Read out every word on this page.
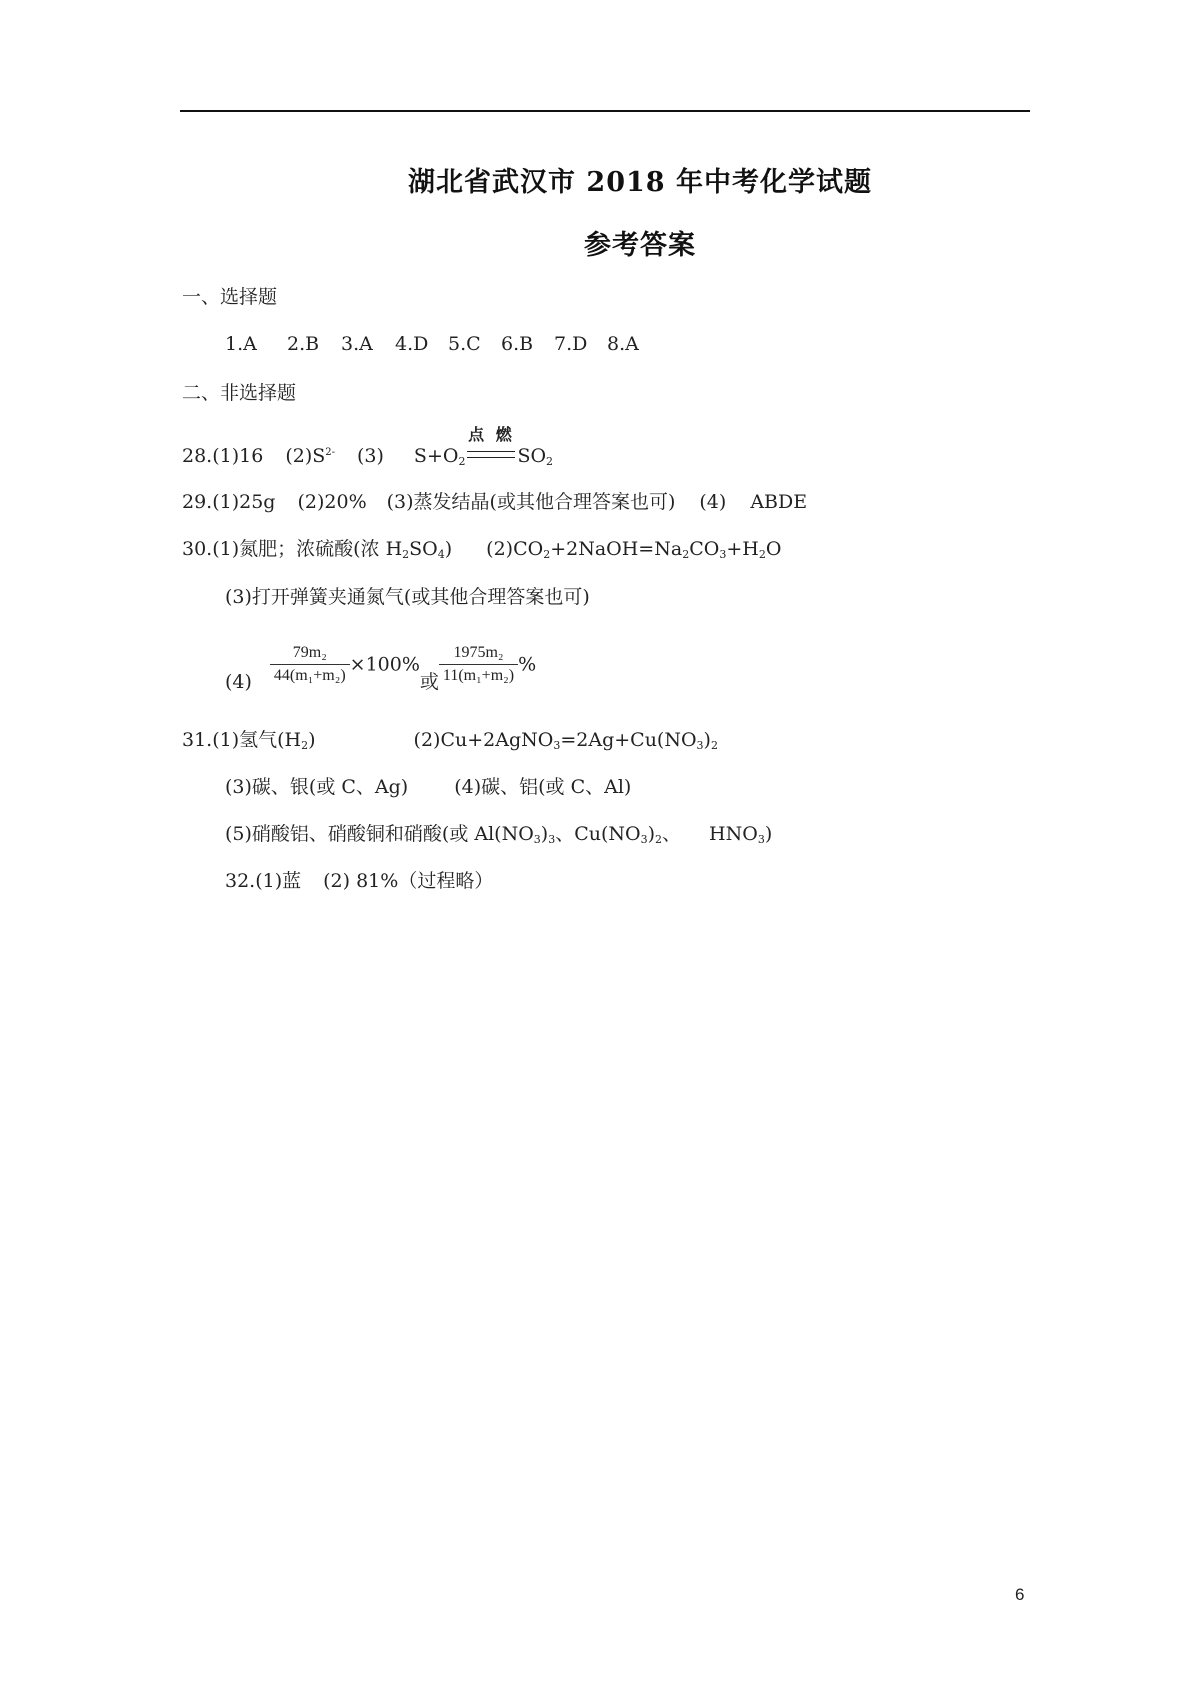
湖北省武汉市 2018 年中考化学试题
参考答案
一、选择题
1.A 2.B 3.A 4.D 5.C 6.B 7.D 8.A
二、非选择题
28.(1)16 $(2)S^{2-}$ (3) $S+O_2$
点 燃
$SO_2$
29.(1)25g (2)20% (3)蒸发结晶(或其他合理答案也可) (4) ABDE
30.(1)氮肥；浓硫酸(浓 $H_2SO_4$) $(2)CO_2+2NaOH=Na_2CO_3+H_2O$
(3)打开弹簧夹通氮气(或其他合理答案也可)
$(4) \frac{\text{79m₂}}{\text{44(m₁+m₂)}} \times 100\%$或 $\frac{\text{1975m₂}}{\text{11(m₁+m₂)}}$ %
31.(1)氢气$(H_2)$	$(2)Cu+2AgNO_3=2Ag+Cu(NO_3)_2$
(3)碳、银(或 C、Ag) (4)碳、铝(或 C、Al)
(5)硝酸铝、硝酸铜和硝酸(或 $Al(NO_3)_3$、$Cu(NO_3)_2$、 $HNO_3$)
32.(1)蓝 (2) 81%（过程略）
6
